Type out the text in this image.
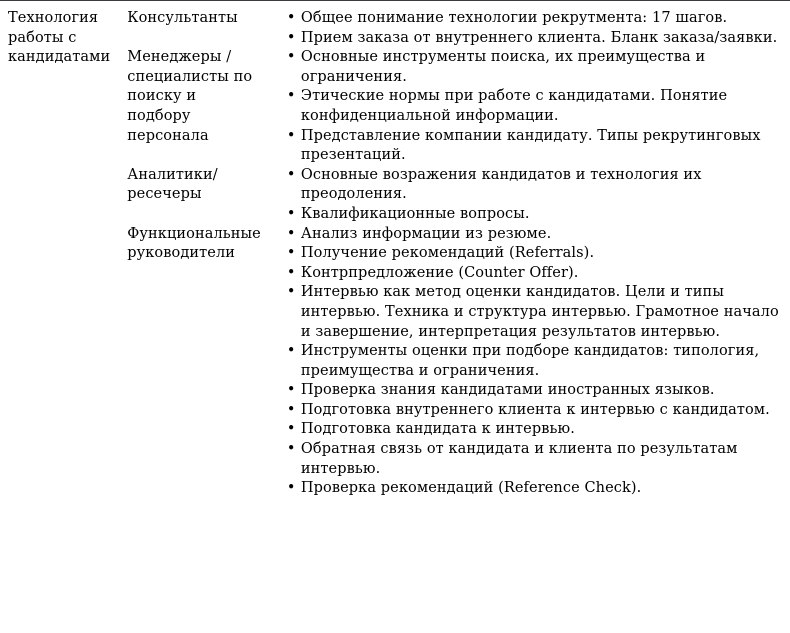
Технология работы с кандидатами
Консультанты
Менеджеры / специалисты по поиску и подбору персонала
Аналитики/ресечеры
Функциональные руководители
• Общее понимание технологии рекрутмента: 17 шагов.
• Прием заказа от внутреннего клиента. Бланк заказа/заявки.
• Основные инструменты поиска, их преимущества и ограничения.
• Этические нормы при работе с кандидатами. Понятие конфиденциальной информации.
• Представление компании кандидату. Типы рекрутинговых презентаций.
• Основные возражения кандидатов и технология их преодоления.
• Квалификационные вопросы.
• Анализ информации из резюме.
• Получение рекомендаций (Referrals).
• Контрпредложение (Counter Offer).
• Интервью как метод оценки кандидатов. Цели и типы интервью. Техника и структура интервью. Грамотное начало и завершение, интерпретация результатов интервью.
• Инструменты оценки при подборе кандидатов: типология, преимущества и ограничения.
• Проверка знания кандидатами иностранных языков.
• Подготовка внутреннего клиента к интервью с кандидатом.
• Подготовка кандидата к интервью.
• Обратная связь от кандидата и клиента по результатам интервью.
• Проверка рекомендаций (Reference Check).
